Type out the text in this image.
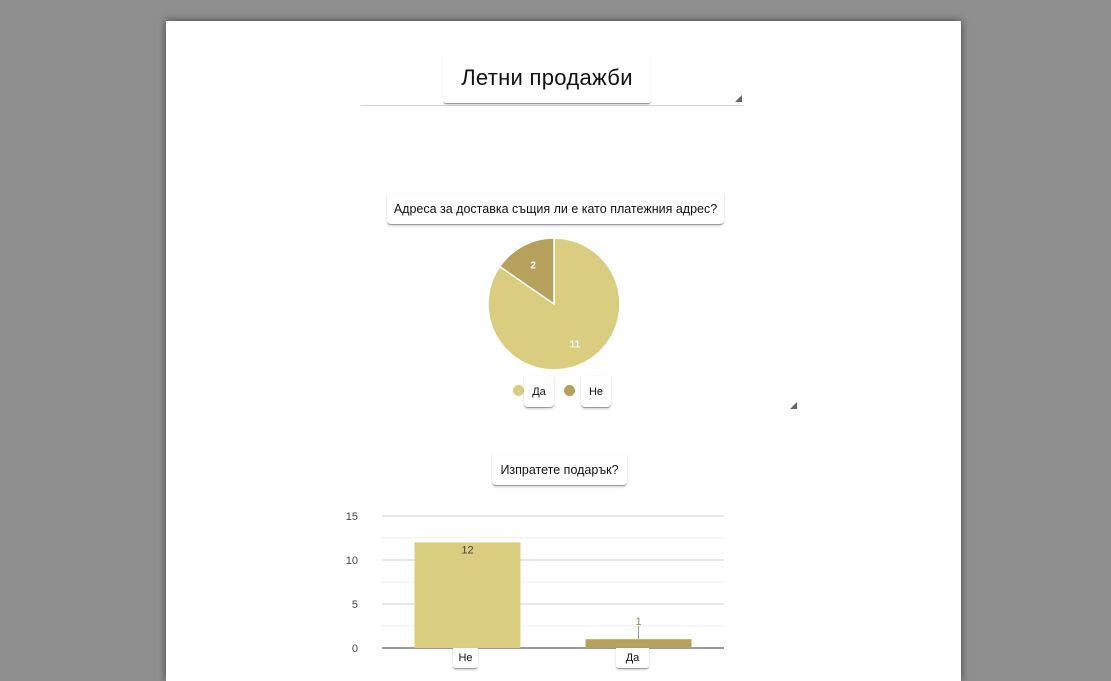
Летни продажби
Адреса за доставка същия ли е като платежния адрес?
11
2
Да	Не
Изпратете подарък?
0
5
10
15
12
1
Не	Да
